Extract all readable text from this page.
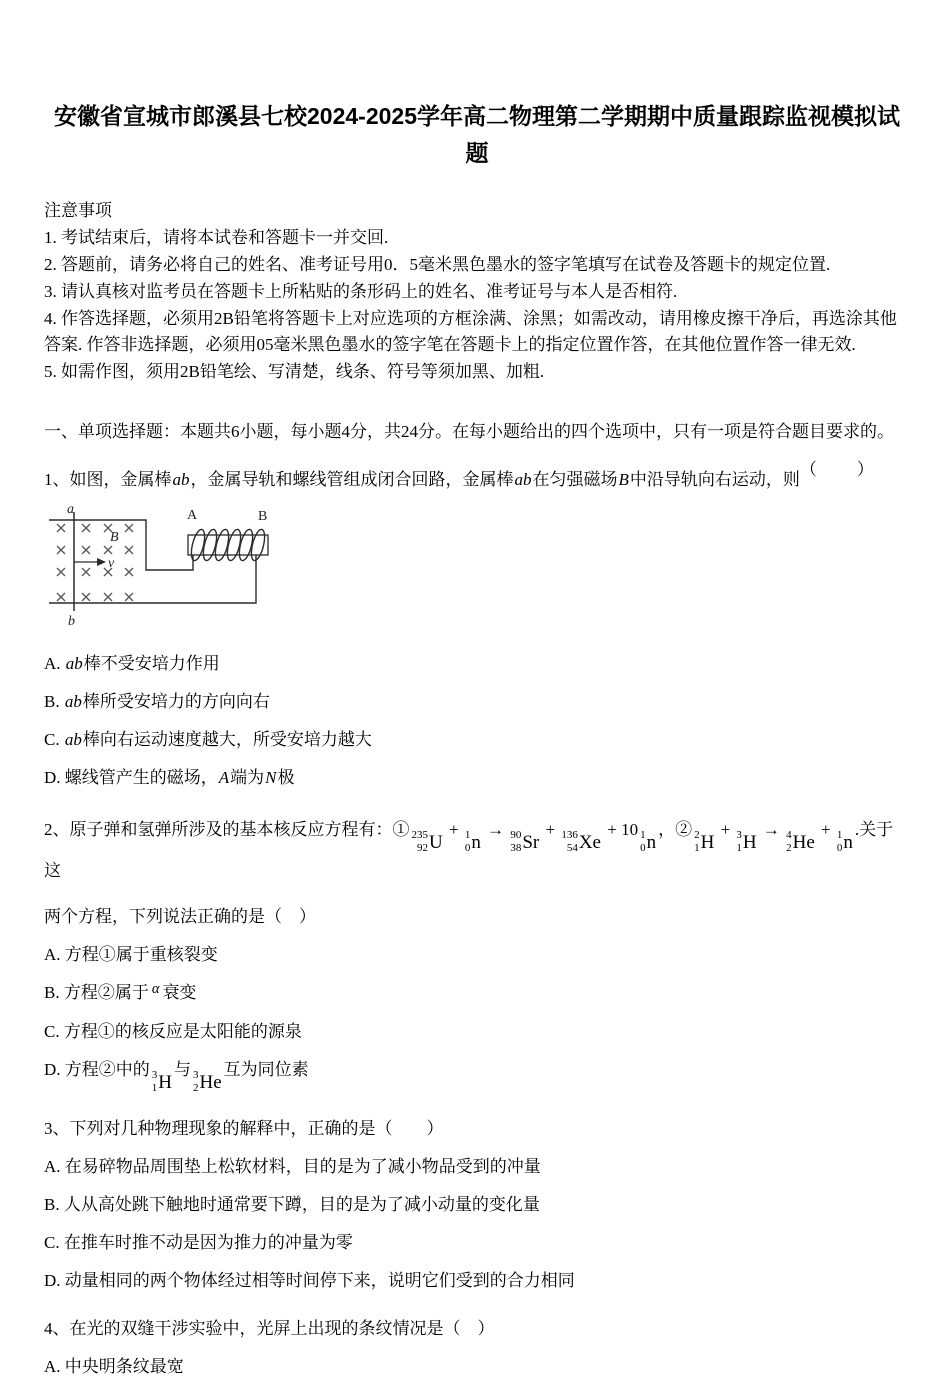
安徽省宣城市郎溪县七校2024-2025学年高二物理第二学期期中质量跟踪监视模拟试题
注意事项
1. 考试结束后，请将本试卷和答题卡一并交回.
2. 答题前，请务必将自己的姓名、准考证号用0．5毫米黑色墨水的签字笔填写在试卷及答题卡的规定位置.
3. 请认真核对监考员在答题卡上所粘贴的条形码上的姓名、准考证号与本人是否相符.
4. 作答选择题，必须用2B铅笔将答题卡上对应选项的方框涂满、涂黑；如需改动，请用橡皮擦干净后，再选涂其他答案. 作答非选择题，必须用05毫米黑色墨水的签字笔在答题卡上的指定位置作答，在其他位置作答一律无效.
5. 如需作图，须用2B铅笔绘、写清楚，线条、符号等须加黑、加粗.
一、单项选择题：本题共6小题，每小题4分，共24分。在每小题给出的四个选项中，只有一项是符合题目要求的。
1、如图，金属棒ab，金属导轨和螺线管组成闭合回路，金属棒ab在匀强磁场B中沿导轨向右运动，则（　　）
a
b
B
v
A	B
A. ab棒不受安培力作用
B. ab棒所受安培力的方向向右
C. ab棒向右运动速度越大，所受安培力越大
D. 螺线管产生的磁场，A端为N极
2、原子弹和氢弹所涉及的基本核反应方程有：① 235
92 U
+ 1
0 n
→ 90
38 Sr
+ 136
54 Xe
+ 10 1
0 n
，② 2
1 H
+ 3
1 H
→ 4
2 He
+ 1
0 n
.关于这
两个方程，下列说法正确的是（　）
A. 方程①属于重核裂变
B. 方程②属于 $^\alpha$ 衰变
C. 方程①的核反应是太阳能的源泉
D. 方程②中的 3
1 H
与 3
2 He
互为同位素
3、下列对几种物理现象的解释中，正确的是（　　）
A. 在易碎物品周围垫上松软材料，目的是为了减小物品受到的冲量
B. 人从高处跳下触地时通常要下蹲，目的是为了减小动量的变化量
C. 在推车时推不动是因为推力的冲量为零
D. 动量相同的两个物体经过相等时间停下来，说明它们受到的合力相同
4、在光的双缝干涉实验中，光屏上出现的条纹情况是（　）
A. 中央明条纹最宽
